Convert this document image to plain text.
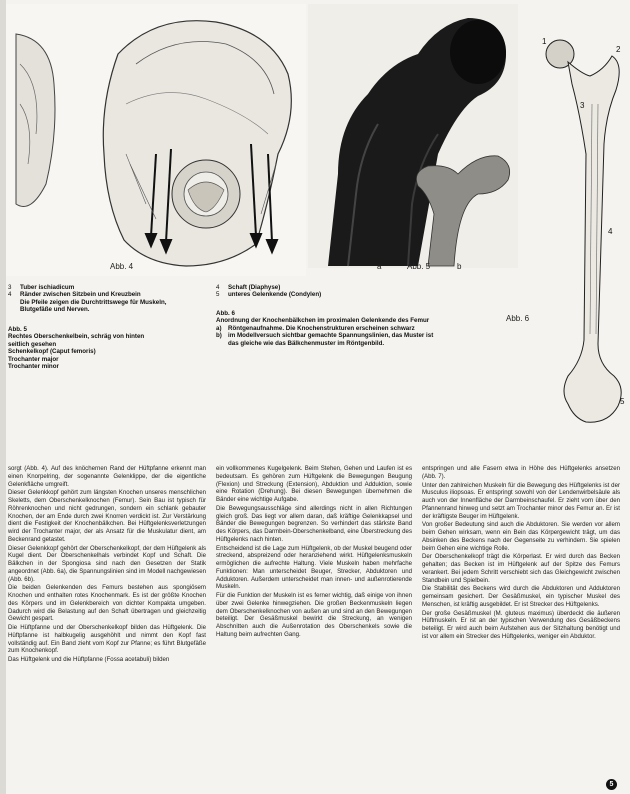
Abb. 4	a	Abb. 5	b
1
2
3
4
5
Abb. 6
3	Tuber ischiadicum
4	Ränder zwischen Sitzbein und Kreuzbein
Die Pfeile zeigen die Durchtrittswege für Muskeln,
Blutgefäße und Nerven.
Abb. 5
Rechtes Oberschenkelbein, schräg von hinten
seitlich gesehen
Schenkelkopf (Caput femoris)
Trochanter major
Trochanter minor
4	Schaft (Diaphyse)
5	unteres Gelenkende (Condylen)
Abb. 6
Anordnung der Knochenbälkchen im proximalen Gelenkende des Femur
a)	Röntgenaufnahme. Die Knochenstrukturen erscheinen schwarz
b) im Modellversuch sichtbar gemachte Spannungslinien, das Muster ist das gleiche wie das Bälkchenmuster im Röntgenbild.

sorgt (Abb. 4). Auf des knöchernen Rand der Hüftpfanne erkennt man einen Knorpelring, der sogenannte Gelenklippe, der die eigentliche Gelenkfläche umgreift.

Dieser Gelenkkopf gehört zum längsten Knochen unseres menschlichen Skeletts, dem Oberschenkelknochen (Femur). Sein Bau ist typisch für Röhrenknochen und nicht gedrungen, sondern ein schlank gebauter Knochen, der am Ende durch zwei Knorren verdickt ist. Zur Verstärkung dient die Festigkeit der Knochenbälkchen. Bei Hüftgelenksverletzungen wird der Trochanter major, der als Ansatz für die Muskulatur dient, am Beckenrand getastet.

Dieser Gelenkkopf gehört der Oberschenkelkopf, der dem Hüftgelenk als Kugel dient. Der Oberschenkelhals verbindet Kopf und Schaft. Die Bälkchen in der Spongiosa sind nach den Gesetzen der Statik angeordnet (Abb. 6a), die Spannungslinien sind im Modell nachgewiesen (Abb. 6b).

Die beiden Gelenkenden des Femurs bestehen aus spongiösem Knochen und enthalten rotes Knochenmark. Es ist der größte Knochen des Körpers und im Gelenkbereich von dichter Kompakta umgeben. Dadurch wird die Belastung auf den Schaft übertragen und gleichzeitig Gewicht gespart.

Die Hüftpfanne und der Oberschenkelkopf bilden das Hüftgelenk. Die Hüftpfanne ist halbkugelig ausgehöhlt und nimmt den Kopf fast vollständig auf. Ein Band zieht vom Kopf zur Pfanne; es führt Blutgefäße zum Knochenkopf.

Das Hüftgelenk und die Hüftpfanne (Fossa acetabuli) bilden

ein vollkommenes Kugelgelenk. Beim Stehen, Gehen und Laufen ist es bedeutsam. Es gehören zum Hüftgelenk die Bewegungen Beugung (Flexion) und Streckung (Extension), Abduktion und Adduktion, sowie eine Rotation (Drehung). Bei diesen Bewegungen übernehmen die Bänder eine wichtige Aufgabe.

Die Bewegungsausschläge sind allerdings nicht in allen Richtungen gleich groß. Das liegt vor allem daran, daß kräftige Gelenkkapsel und Bänder die Bewegungen begrenzen. So verhindert das stärkste Band des Körpers, das Darmbein-Oberschenkelband, eine Überstreckung des Hüftgelenks nach hinten.

Entscheidend ist die Lage zum Hüftgelenk, ob der Muskel beugend oder streckend, abspreizend oder heranziehend wirkt. Hüftgelenksmuskeln ermöglichen die aufrechte Haltung. Viele Muskeln haben mehrfache Funktionen: Man unterscheidet Beuger, Strecker, Abduktoren und Adduktoren. Außerdem unterscheidet man innen- und außenrotierende Muskeln.

Für die Funktion der Muskeln ist es ferner wichtig, daß einige von ihnen über zwei Gelenke hinwegziehen. Die großen Beckenmuskeln liegen dem Oberschenkelknochen von außen an und sind an den Bewegungen beteiligt. Der Gesäßmuskel bewirkt die Streckung, an wenigen Abschnitten auch die Außenrotation des Oberschenkels sowie die Haltung beim aufrechten Gang.

entspringen und alle Fasern etwa in Höhe des Hüftgelenks ansetzen (Abb. 7).

Unter den zahlreichen Muskeln für die Bewegung des Hüftgelenks ist der Musculus iliopsoas. Er entspringt sowohl von der Lendenwirbelsäule als auch von der Innenfläche der Darmbeinschaufel. Er zieht vorn über den Pfannenrand hinweg und setzt am Trochanter minor des Femur an. Er ist der kräftigste Beuger im Hüftgelenk.

Von großer Bedeutung sind auch die Abduktoren. Sie werden vor allem beim Gehen wirksam, wenn ein Bein das Körpergewicht trägt, um das Absinken des Beckens nach der Gegenseite zu verhindern. Sie spielen beim Gehen eine wichtige Rolle.

Der Oberschenkelkopf trägt die Körperlast. Er wird durch das Becken gehalten; das Becken ist im Hüftgelenk auf der Spitze des Femurs verankert. Bei jedem Schritt verschiebt sich das Gleichgewicht zwischen Standbein und Spielbein.

Die Stabilität des Beckens wird durch die Abduktoren und Adduktoren gemeinsam gesichert. Der Gesäßmuskel, ein typischer Muskel des Menschen, ist kräftig ausgebildet. Er ist Strecker des Hüftgelenks.

Der große Gesäßmuskel (M. gluteus maximus) überdeckt die äußeren Hüftmuskeln. Er ist an der typischen Verwendung des Gesäßbeckens beteiligt. Er wird auch beim Aufstehen aus der Sitzhaltung benötigt und ist vor allem ein Strecker des Hüftgelenks, weniger ein Abduktor.

5
